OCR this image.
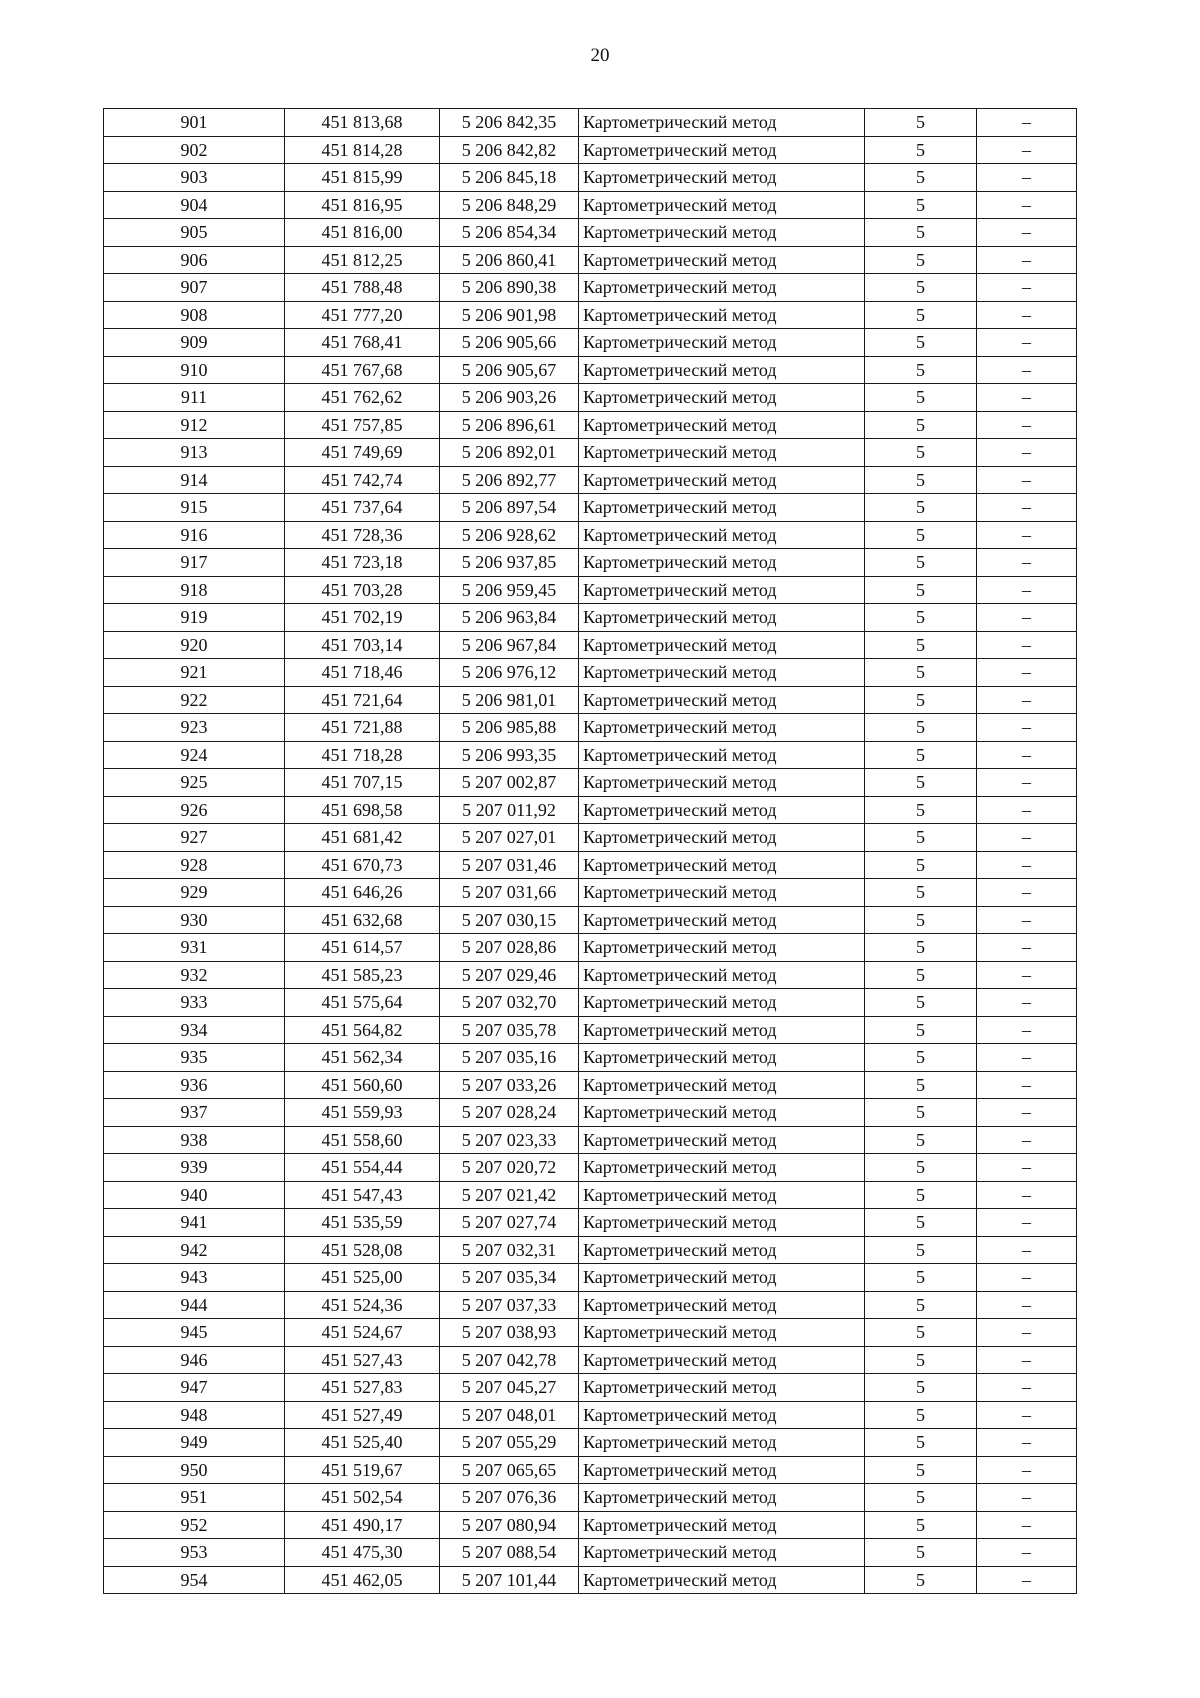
20
901	451 813,68	5 206 842,35	Картометрический метод	5	–
902	451 814,28	5 206 842,82	Картометрический метод	5	–
903	451 815,99	5 206 845,18	Картометрический метод	5	–
904	451 816,95	5 206 848,29	Картометрический метод	5	–
905	451 816,00	5 206 854,34	Картометрический метод	5	–
906	451 812,25	5 206 860,41	Картометрический метод	5	–
907	451 788,48	5 206 890,38	Картометрический метод	5	–
908	451 777,20	5 206 901,98	Картометрический метод	5	–
909	451 768,41	5 206 905,66	Картометрический метод	5	–
910	451 767,68	5 206 905,67	Картометрический метод	5	–
911	451 762,62	5 206 903,26	Картометрический метод	5	–
912	451 757,85	5 206 896,61	Картометрический метод	5	–
913	451 749,69	5 206 892,01	Картометрический метод	5	–
914	451 742,74	5 206 892,77	Картометрический метод	5	–
915	451 737,64	5 206 897,54	Картометрический метод	5	–
916	451 728,36	5 206 928,62	Картометрический метод	5	–
917	451 723,18	5 206 937,85	Картометрический метод	5	–
918	451 703,28	5 206 959,45	Картометрический метод	5	–
919	451 702,19	5 206 963,84	Картометрический метод	5	–
920	451 703,14	5 206 967,84	Картометрический метод	5	–
921	451 718,46	5 206 976,12	Картометрический метод	5	–
922	451 721,64	5 206 981,01	Картометрический метод	5	–
923	451 721,88	5 206 985,88	Картометрический метод	5	–
924	451 718,28	5 206 993,35	Картометрический метод	5	–
925	451 707,15	5 207 002,87	Картометрический метод	5	–
926	451 698,58	5 207 011,92	Картометрический метод	5	–
927	451 681,42	5 207 027,01	Картометрический метод	5	–
928	451 670,73	5 207 031,46	Картометрический метод	5	–
929	451 646,26	5 207 031,66	Картометрический метод	5	–
930	451 632,68	5 207 030,15	Картометрический метод	5	–
931	451 614,57	5 207 028,86	Картометрический метод	5	–
932	451 585,23	5 207 029,46	Картометрический метод	5	–
933	451 575,64	5 207 032,70	Картометрический метод	5	–
934	451 564,82	5 207 035,78	Картометрический метод	5	–
935	451 562,34	5 207 035,16	Картометрический метод	5	–
936	451 560,60	5 207 033,26	Картометрический метод	5	–
937	451 559,93	5 207 028,24	Картометрический метод	5	–
938	451 558,60	5 207 023,33	Картометрический метод	5	–
939	451 554,44	5 207 020,72	Картометрический метод	5	–
940	451 547,43	5 207 021,42	Картометрический метод	5	–
941	451 535,59	5 207 027,74	Картометрический метод	5	–
942	451 528,08	5 207 032,31	Картометрический метод	5	–
943	451 525,00	5 207 035,34	Картометрический метод	5	–
944	451 524,36	5 207 037,33	Картометрический метод	5	–
945	451 524,67	5 207 038,93	Картометрический метод	5	–
946	451 527,43	5 207 042,78	Картометрический метод	5	–
947	451 527,83	5 207 045,27	Картометрический метод	5	–
948	451 527,49	5 207 048,01	Картометрический метод	5	–
949	451 525,40	5 207 055,29	Картометрический метод	5	–
950	451 519,67	5 207 065,65	Картометрический метод	5	–
951	451 502,54	5 207 076,36	Картометрический метод	5	–
952	451 490,17	5 207 080,94	Картометрический метод	5	–
953	451 475,30	5 207 088,54	Картометрический метод	5	–
954	451 462,05	5 207 101,44	Картометрический метод	5	–
